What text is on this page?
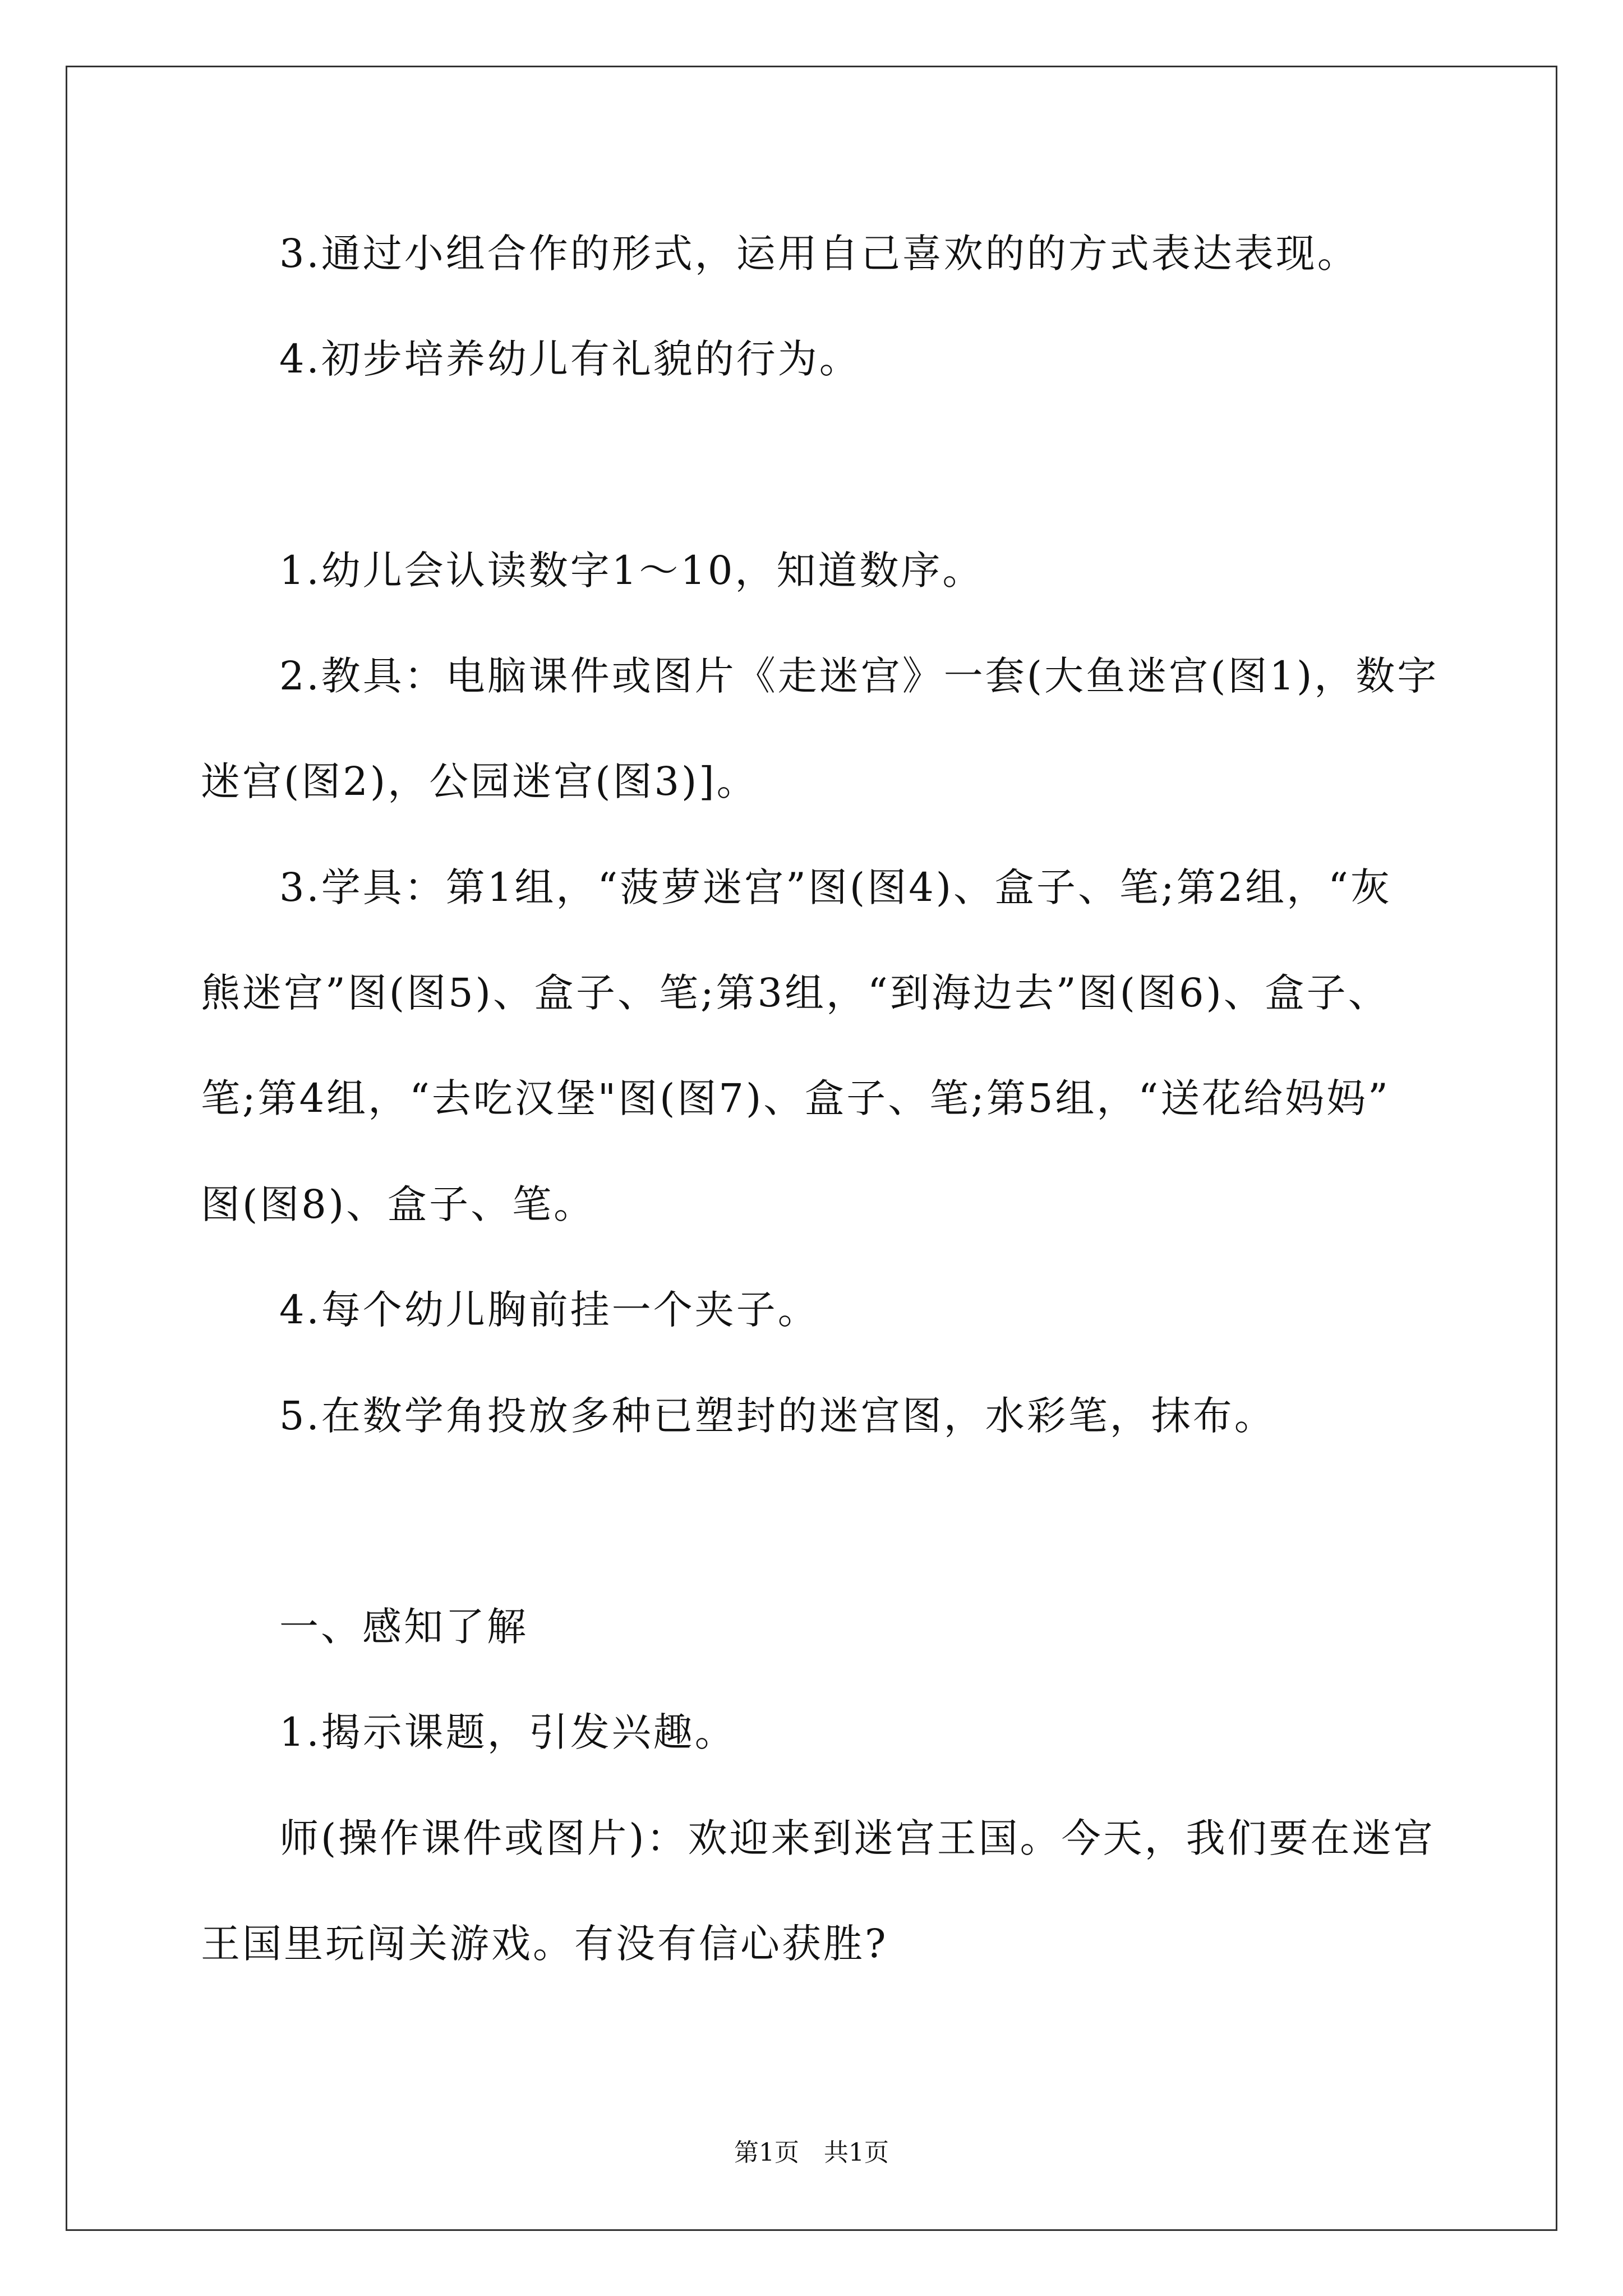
3.通过小组合作的形式，运用自己喜欢的的方式表达表现。
4.初步培养幼儿有礼貌的行为。
1.幼儿会认读数字1～10，知道数序。
2.教具：电脑课件或图片《走迷宫》一套(大鱼迷宫(图1)，数字
迷宫(图2)，公园迷宫(图3)]。
3.学具：第1组，“菠萝迷宫”图(图4)、盒子、笔;第2组，“灰
熊迷宫”图(图5)、盒子、笔;第3组，“到海边去”图(图6)、盒子、
笔;第4组，“去吃汉堡"图(图7)、盒子、笔;第5组，“送花给妈妈”
图(图8)、盒子、笔。
4.每个幼儿胸前挂一个夹子。
5.在数学角投放多种已塑封的迷宫图，水彩笔，抹布。
一、感知了解
1.揭示课题，引发兴趣。
师(操作课件或图片)：欢迎来到迷宫王国。今天，我们要在迷宫
王国里玩闯关游戏。有没有信心获胜?
第1页　共1页
